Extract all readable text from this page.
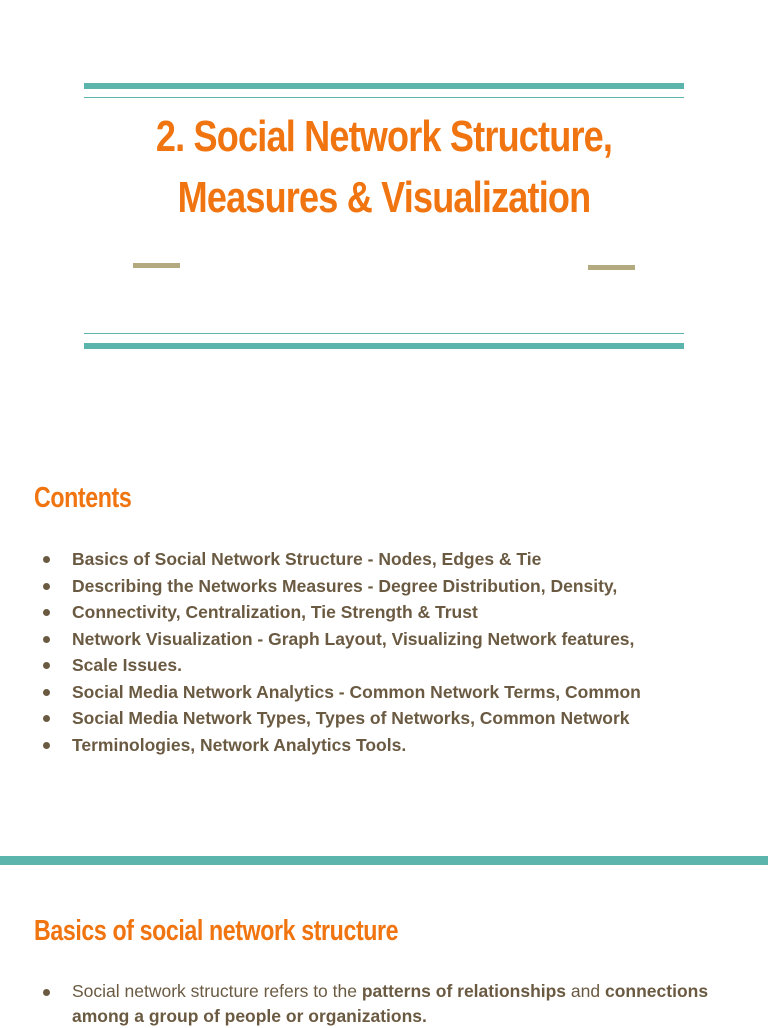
2. Social Network Structure,
Measures & Visualization
Contents
Basics of Social Network Structure - Nodes, Edges & Tie
Describing the Networks Measures - Degree Distribution, Density,
Connectivity, Centralization, Tie Strength & Trust
Network Visualization - Graph Layout, Visualizing Network features,
Scale Issues.
Social Media Network Analytics - Common Network Terms, Common
Social Media Network Types, Types of Networks, Common Network
Terminologies, Network Analytics Tools.
Basics of social network structure
Social network structure refers to the patterns of relationships and connections among a group of people or organizations.
